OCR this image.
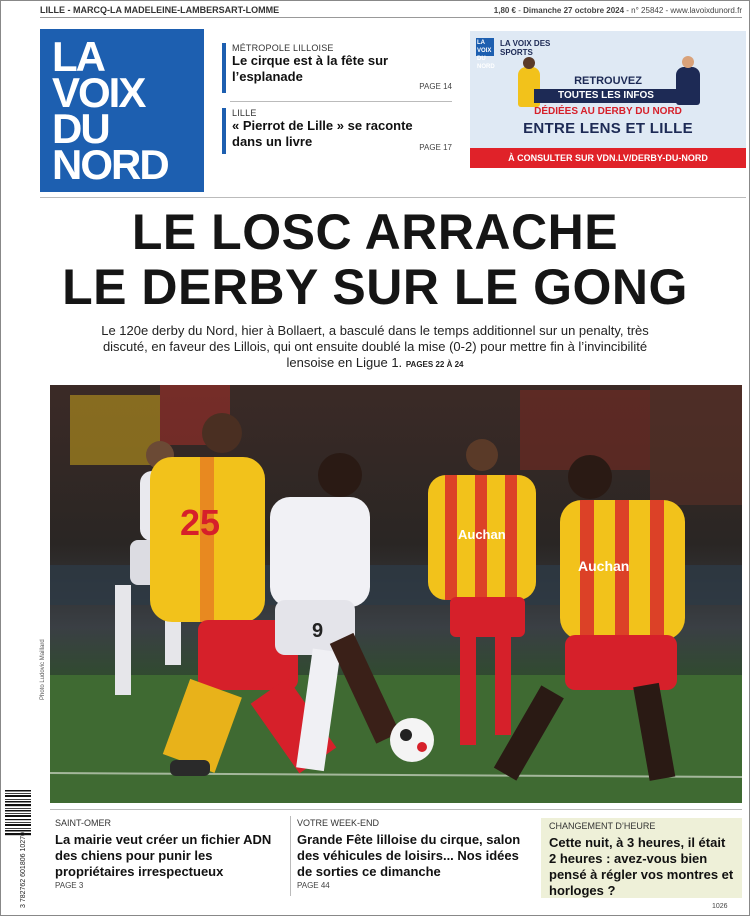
LILLE - MARCQ-LA MADELEINE-LAMBERSART-LOMME	1,80 € - Dimanche 27 octobre 2024 - n° 25842 - www.lavoixdunord.fr
LA
VOIX
DU
NORD
MÉTROPOLE LILLOISE
Le cirque est à la fête sur l’esplanade
PAGE 14
LILLE
« Pierrot de Lille » se raconte dans un livre	PAGE 17
LA VOIX DU NORD
LA VOIX DES SPORTS
RETROUVEZ
TOUTES LES INFOS
DÉDIÉES AU DERBY DU NORD
ENTRE LENS ET LILLE
À CONSULTER SUR VDN.LV/DERBY-DU-NORD
LE LOSC ARRACHE
LE DERBY SUR LE GONG
Le 120e derby du Nord, hier à Bollaert, a basculé dans le temps additionnel sur un penalty, très discuté, en faveur des Lillois, qui ont ensuite doublé la mise (0-2) pour mettre fin à l’invincibilité lensoise en Ligue 1. PAGES 22 À 24
25
9
Auchan
Auchan
Photo Ludovic Maillard
3 782762 601806 10270
SAINT-OMER
La mairie veut créer un fichier ADN des chiens pour punir les propriétaires irrespectueux
PAGE 3
VOTRE WEEK-END
Grande Fête lilloise du cirque, salon des véhicules de loisirs... Nos idées de sorties ce dimanche
PAGE 44
CHANGEMENT D’HEURE
Cette nuit, à 3 heures, il était 2 heures : avez-vous bien pensé à régler vos montres et horloges ?
1026
